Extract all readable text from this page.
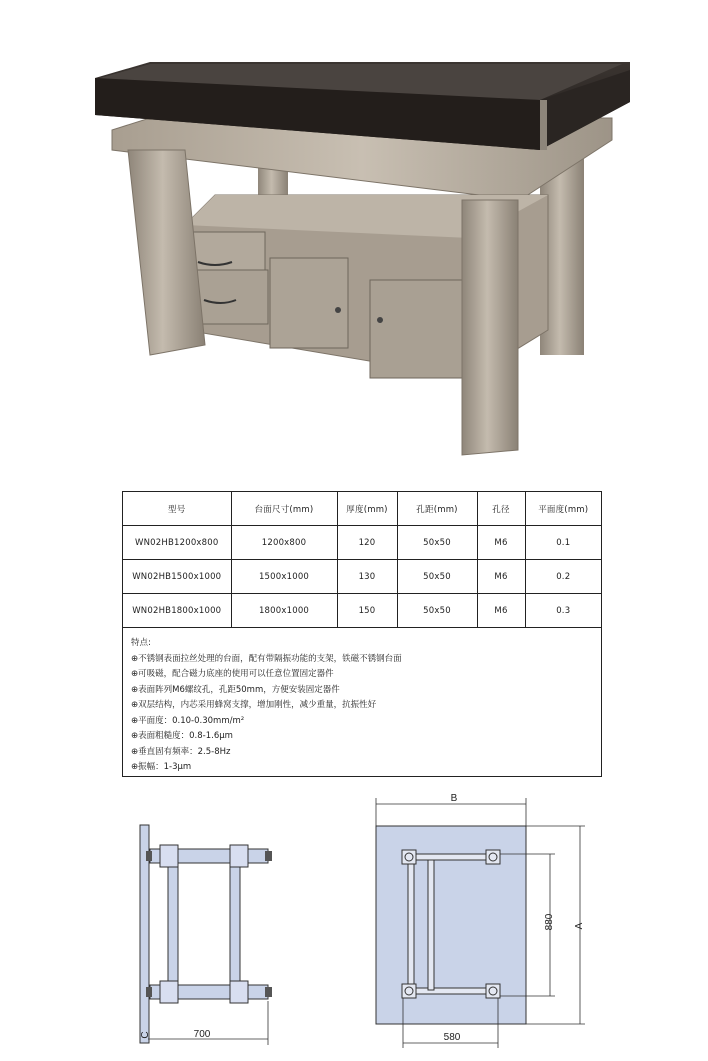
型号	台面尺寸(mm)	厚度(mm)	孔距(mm)	孔径	平面度(mm)
WN02HB1200x800	1200x800	120	50x50	M6	0.1
WN02HB1500x1000	1500x1000	130	50x50	M6	0.2
WN02HB1800x1000	1800x1000	150	50x50	M6	0.3
特点:
⊕不锈钢表面拉丝处理的台面，配有带隔振功能的支架，铁磁不锈钢台面
⊕可吸磁，配合磁力底座的使用可以任意位置固定器件
⊕表面阵列M6螺纹孔，孔距50mm，方便安装固定器件
⊕双层结构，内芯采用蜂窝支撑，增加刚性，减少重量，抗振性好
⊕平面度：0.10-0.30mm/m²
⊕表面粗糙度：0.8-1.6μm
⊕垂直固有频率：2.5-8Hz
⊕振幅：1-3μm
700
C
B
A
880
580
